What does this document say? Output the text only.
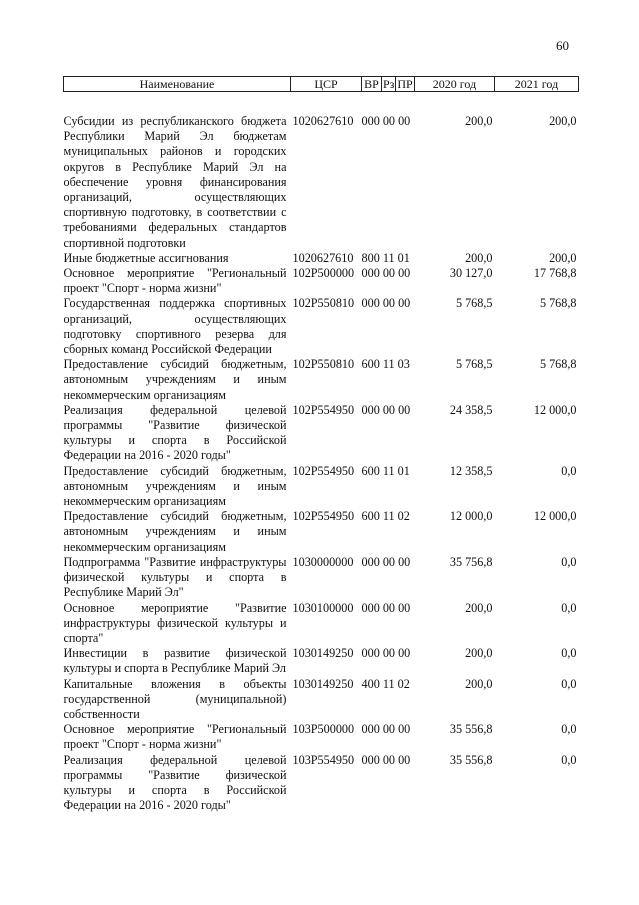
60
Наименование	ЦСР	ВР	Рз	ПР	2020 год	2021 год
Субсидии из республиканского бюджета Республики Марий Эл бюджетам муниципальных районов и городских округов в Республике Марий Эл на обеспечение уровня финансирования организаций, осуществляющих спортивную подготовку, в соответствии с требованиями федеральных стандартов спортивной подготовки	1020627610	000 00 00			200,0	200,0
Иные бюджетные ассигнования	1020627610	800 11 01			200,0	200,0
Основное мероприятие "Региональный проект "Спорт - норма жизни"	102P500000	000 00 00			30 127,0	17 768,8
Государственная поддержка спортивных организаций, осуществляющих подготовку спортивного резерва для сборных команд Российской Федерации	102P550810	000 00 00			5 768,5	5 768,8
Предоставление субсидий бюджетным, автономным учреждениям и иным некоммерческим организациям	102P550810	600 11 03			5 768,5	5 768,8
Реализация федеральной целевой программы "Развитие физической культуры и спорта в Российской Федерации на 2016 - 2020 годы"	102P554950	000 00 00			24 358,5	12 000,0
Предоставление субсидий бюджетным, автономным учреждениям и иным некоммерческим организациям	102P554950	600 11 01			12 358,5	0,0
Предоставление субсидий бюджетным, автономным учреждениям и иным некоммерческим организациям	102P554950	600 11 02			12 000,0	12 000,0
Подпрограмма "Развитие инфраструктуры физической культуры и спорта в Республике Марий Эл"	1030000000	000 00 00			35 756,8	0,0
Основное мероприятие "Развитие инфраструктуры физической культуры и спорта"	1030100000	000 00 00			200,0	0,0
Инвестиции в развитие физической культуры и спорта в Республике Марий Эл	1030149250	000 00 00			200,0	0,0
Капитальные вложения в объекты государственной (муниципальной) собственности	1030149250	400 11 02			200,0	0,0
Основное мероприятие "Региональный проект "Спорт - норма жизни"	103P500000	000 00 00			35 556,8	0,0
Реализация федеральной целевой программы "Развитие физической культуры и спорта в Российской Федерации на 2016 - 2020 годы"	103P554950	000 00 00			35 556,8	0,0
